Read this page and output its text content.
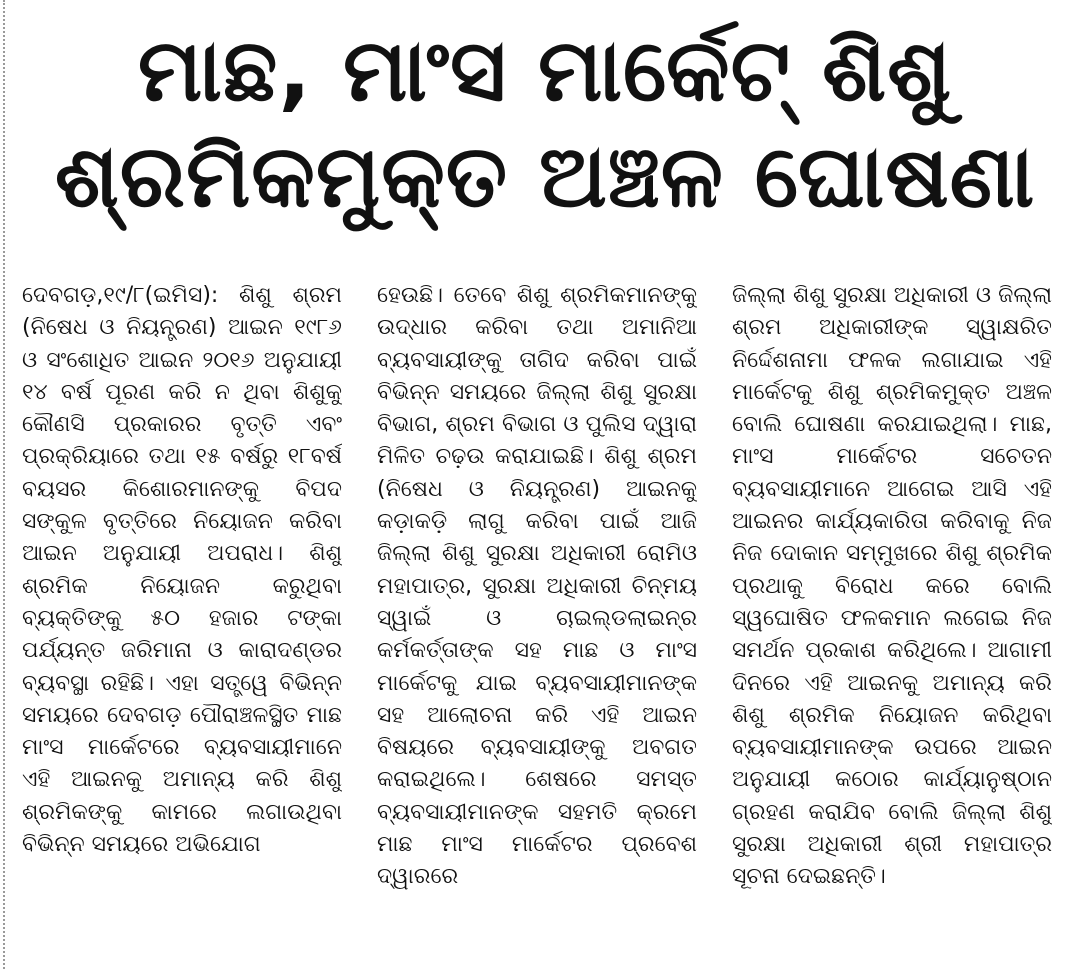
ମାଛ, ମାଂସ ମାର୍କେଟ୍ ଶିଶୁ
ଶ୍ରମିକମୁକ୍ତ ଅଞ୍ଚଳ ଘୋଷଣା

ଦେବଗଡ଼,୧୯/୮(ଇମିସ): ଶିଶୁ ଶ୍ରମ (ନିଷେଧ ଓ ନିୟନ୍ତ୍ରଣ) ଆଇନ ୧୯୮୬ ଓ ସଂଶୋଧିତ ଆଇନ ୨୦୧୬ ଅନୁଯାୟୀ ୧୪ ବର୍ଷ ପୂରଣ କରି ନ ଥିବା ଶିଶୁକୁ କୌଣସି ପ୍ରକାରର ବୃତ୍ତି ଏବଂ ପ୍ରକ୍ରିୟାରେ ତଥା ୧୫ ବର୍ଷରୁ ୧୮ବର୍ଷ ବୟସର କିଶୋରମାନଙ୍କୁ ବିପଦ ସଙ୍କୁଳ ବୃତ୍ତିରେ ନିୟୋଜନ କରିବା ଆଇନ ଅନୁଯାୟୀ ଅପରାଧ। ଶିଶୁ ଶ୍ରମିକ ନିୟୋଜନ କରୁଥିବା ବ୍ୟକ୍ତିଙ୍କୁ ୫୦ ହଜାର ଟଙ୍କା ପର୍ଯ୍ୟନ୍ତ ଜରିମାନା ଓ କାରାଦଣ୍ଡର ବ୍ୟବସ୍ଥା ରହିଛି। ଏହା ସତ୍ତ୍ୱେ ବିଭିନ୍ନ ସମୟରେ ଦେବଗଡ଼ ପୌରାଞ୍ଚଳସ୍ଥିତ ମାଛ ମାଂସ ମାର୍କେଟରେ ବ୍ୟବସାୟୀମାନେ ଏହି ଆଇନକୁ ଅମାନ୍ୟ କରି ଶିଶୁ ଶ୍ରମିକଙ୍କୁ କାମରେ ଲଗାଉଥିବା ବିଭିନ୍ନ ସମୟରେ ଅଭିଯୋଗ

ହେଉଛି। ତେବେ ଶିଶୁ ଶ୍ରମିକମାନଙ୍କୁ ଉଦ୍ଧାର କରିବା ତଥା ଅମାନିଆ ବ୍ୟବସାୟୀଙ୍କୁ ତାଗିଦ କରିବା ପାଇଁ ବିଭିନ୍ନ ସମୟରେ ଜିଲ୍ଲା ଶିଶୁ ସୁରକ୍ଷା ବିଭାଗ, ଶ୍ରମ ବିଭାଗ ଓ ପୁଲିସ ଦ୍ୱାରା ମିଳିତ ଚଢ଼ଉ କରାଯାଇଛି। ଶିଶୁ ଶ୍ରମ (ନିଷେଧ ଓ ନିୟନ୍ତ୍ରଣ) ଆଇନକୁ କଡ଼ାକଡ଼ି ଲାଗୁ କରିବା ପାଇଁ ଆଜି ଜିଲ୍ଲା ଶିଶୁ ସୁରକ୍ଷା ଅଧିକାରୀ ରୋମିଓ ମହାପାତ୍ର, ସୁରକ୍ଷା ଅଧିକାରୀ ଚିନ୍ମୟ ସ୍ୱାଇଁ ଓ ଚାଇଲ୍ଡଲାଇନ୍‌ର କର୍ମକର୍ତ୍ତାଙ୍କ ସହ ମାଛ ଓ ମାଂସ ମାର୍କେଟକୁ ଯାଇ ବ୍ୟବସାୟୀମାନଙ୍କ ସହ ଆଲୋଚନା କରି ଏହି ଆଇନ ବିଷୟରେ ବ୍ୟବସାୟୀଙ୍କୁ ଅବଗତ କରାଇଥିଲେ। ଶେଷରେ ସମସ୍ତ ବ୍ୟବସାୟୀମାନଙ୍କ ସହମତି କ୍ରମେ ମାଛ ମାଂସ ମାର୍କେଟର ପ୍ରବେଶ ଦ୍ୱାରରେ

ଜିଲ୍ଲା ଶିଶୁ ସୁରକ୍ଷା ଅଧିକାରୀ ଓ ଜିଲ୍ଲା ଶ୍ରମ ଅଧିକାରୀଙ୍କ ସ୍ୱାକ୍ଷରିତ ନିର୍ଦ୍ଦେଶନାମା ଫଳକ ଲଗାଯାଇ ଏହି ମାର୍କେଟକୁ ଶିଶୁ ଶ୍ରମିକମୁକ୍ତ ଅଞ୍ଚଳ ବୋଲି ଘୋଷଣା କରଯାଇଥିଲା। ମାଛ, ମାଂସ ମାର୍କେଟର ସଚେତନ ବ୍ୟବସାୟୀମାନେ ଆଗେଇ ଆସି ଏହି ଆଇନର କାର୍ଯ୍ୟକାରିତା କରିବାକୁ ନିଜ ନିଜ ଦୋକାନ ସମ୍ମୁଖରେ ଶିଶୁ ଶ୍ରମିକ ପ୍ରଥାକୁ ବିରୋଧ କରେ ବୋଲି ସ୍ୱଘୋଷିତ ଫଳକମାନ ଲଗେଇ ନିଜ ସମର୍ଥନ ପ୍ରକାଶ କରିଥିଲେ। ଆଗାମୀ ଦିନରେ ଏହି ଆଇନକୁ ଅମାନ୍ୟ କରି ଶିଶୁ ଶ୍ରମିକ ନିୟୋଜନ କରିଥିବା ବ୍ୟବସାୟୀମାନଙ୍କ ଉପରେ ଆଇନ ଅନୁଯାୟୀ କଠୋର କାର୍ଯ୍ୟାନୁଷ୍ଠାନ ଗ୍ରହଣ କରାଯିବ ବୋଲି ଜିଲ୍ଲା ଶିଶୁ ସୁରକ୍ଷା ଅଧିକାରୀ ଶ୍ରୀ ମହାପାତ୍ର ସୂଚନା ଦେଇଛନ୍ତି।
